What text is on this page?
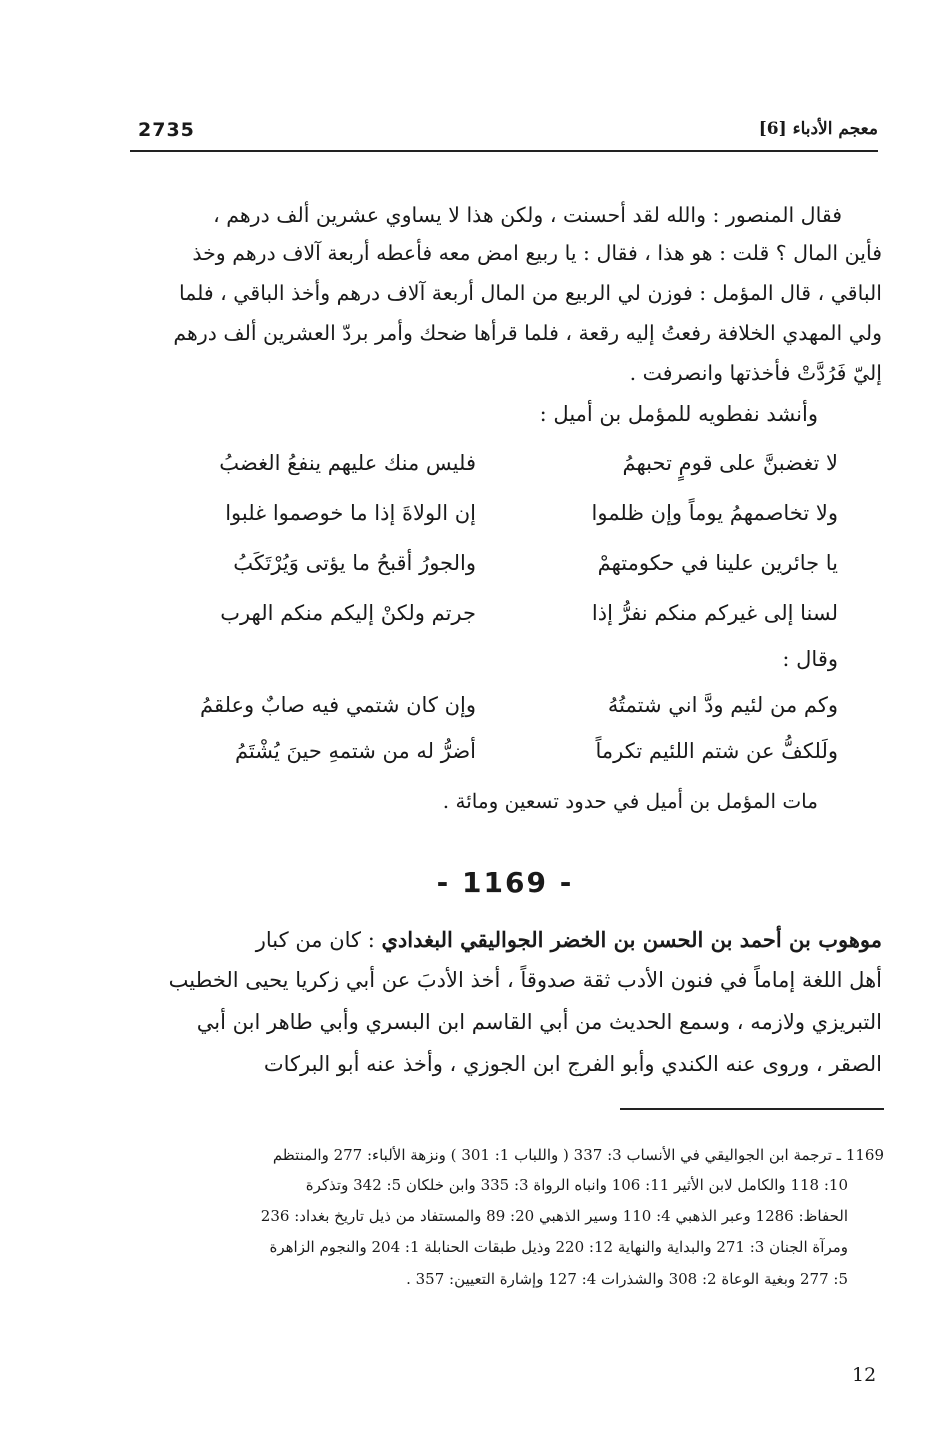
معجم الأدباء [6]
2735
فقال المنصور : والله لقد أحسنت ، ولكن هذا لا يساوي عشرين ألف درهم ،
فأين المال ؟ قلت : هو هذا ، فقال : يا ربيع امض معه فأعطه أربعة آلاف درهم وخذ
الباقي ، قال المؤمل : فوزن لي الربيع من المال أربعة آلاف درهم وأخذ الباقي ، فلما
ولي المهدي الخلافة رفعتُ إليه رقعة ، فلما قرأها ضحك وأمر بردّ العشرين ألف درهم
إليّ فَرُدَّتْ فأخذتها وانصرفت .
وأنشد نفطويه للمؤمل بن أميل :
لا تغضبنَّ على قومٍ تحبهمُ
فليس منك عليهم ينفعُ الغضبُ
ولا تخاصمهمُ يوماً وإن ظلموا
إن الولاةَ إذا ما خوصموا غلبوا
يا جائرين علينا في حكومتهمْ
والجورُ أقبحُ ما يؤتى وَيُرْتَكَبُ
لسنا إلى غيركم منكم نفرُّ إذا
جرتم ولكنْ إليكم منكم الهرب
وقال :
وكم من لئيم ودَّ اني شتمتُهُ
وإن كان شتمي فيه صابٌ وعلقمُ
ولَلكفُّ عن شتم اللئيم تكرماً
أضرُّ له من شتمهِ حينَ يُشْتَمُ
مات المؤمل بن أميل في حدود تسعين ومائة .
- 1169 -
موهوب بن أحمد بن الحسن بن الخضر الجواليقي البغدادي : كان من كبار
أهل اللغة إماماً في فنون الأدب ثقة صدوقاً ، أخذ الأدبَ عن أبي زكريا يحيى الخطيب
التبريزي ولازمه ، وسمع الحديث من أبي القاسم ابن البسري وأبي طاهر ابن أبي
الصقر ، وروى عنه الكندي وأبو الفرج ابن الجوزي ، وأخذ عنه أبو البركات
1169 ـ ترجمة ابن الجواليقي في الأنساب 3: 337 ( واللباب 1: 301 ) ونزهة الألباء: 277 والمنتظم
10: 118 والكامل لابن الأثير 11: 106 وانباه الرواة 3: 335 وابن خلكان 5: 342 وتذكرة
الحفاظ: 1286 وعبر الذهبي 4: 110 وسير الذهبي 20: 89 والمستفاد من ذيل تاريخ بغداد: 236
ومرآة الجنان 3: 271 والبداية والنهاية 12: 220 وذيل طبقات الحنابلة 1: 204 والنجوم الزاهرة
5: 277 وبغية الوعاة 2: 308 والشذرات 4: 127 وإشارة التعيين: 357 .
12
